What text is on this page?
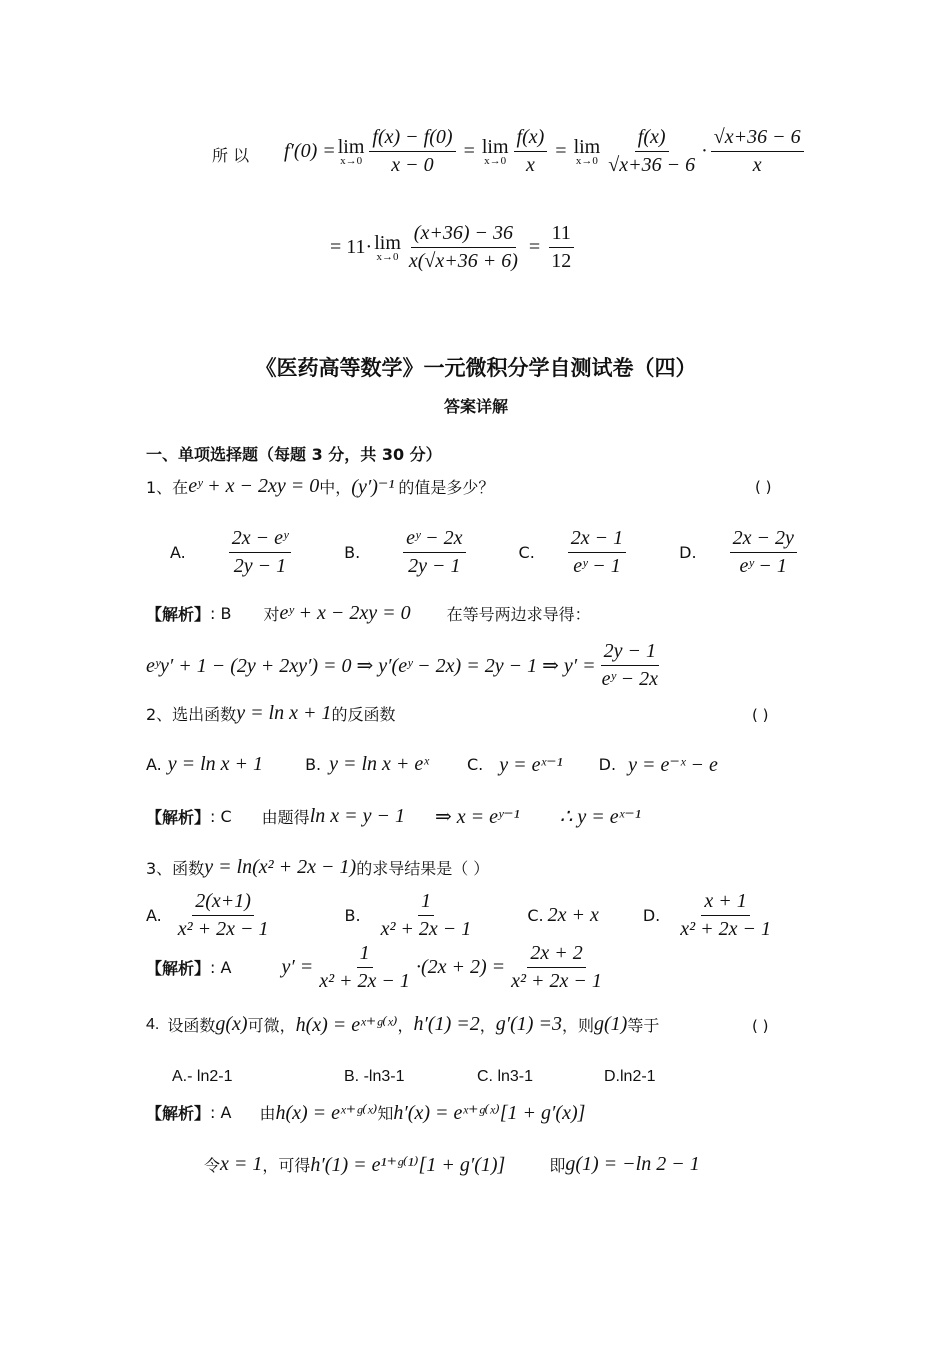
所 以 f′(0) = lim
$x\to 0 \frac{f(x) - f(0)}{x - 0} = \lim$
$x\to 0 \frac{f(x)}{x} = \lim$
$x\to 0 \frac{f(x)}{√x+36 - 6} \cdot \frac{√x+36 - 6}{x}$
= 11· lim
$x\to 0 \frac{(x+36) - 36}{x(√x+36 + 6)} = \frac{11}{12}$
《医药高等数学》一元微积分学自测试卷（四）
答案详解
一、单项选择题（每题 3 分，共 30 分）
1、在 eʸ + x − 2xy = 0 中， (y′)⁻¹ 的值是多少？	( )
A. $\frac{\text{2x − eʸ}}{2y - 1}$	B. $\frac{\text{eʸ − 2x}}{2y - 1}$	C. $\frac{2x - 1}{\text{eʸ − 1}}$	D. $\frac{2x - 2y}{\text{eʸ − 1}}$
【解析】 : B 对 eʸ + x − 2xy = 0 在等号两边求导得：
eʸy′ + 1 − (2y + 2xy′) = 0 ⇒ y′(eʸ − 2x) = 2y − 1 ⇒ $y' = \frac{2y - 1}{\text{eʸ − 2x}}$
2、选出函数 y = ln x + 1 的反函数	( )
A. y = ln x + 1	B. y = ln x + eˣ C. y = eˣ⁻¹ D. y = e⁻ˣ − e
【解析】 : C 由题得 ln x = y − 1 ⇒ x = eʸ⁻¹ ∴ y = eˣ⁻¹
3、函数 y = ln(x² + 2x − 1) 的求导结果是（ ）
A. $\frac{2(x+1)}{\text{x² + 2x − 1}}$	B. $\frac{1}{\text{x² + 2x − 1}}$	C. 2x + x	D. $\frac{x + 1}{\text{x² + 2x − 1}}$
【解析】 : A	$y' = \frac{1}{\text{x² + 2x − 1}} \cdot(2x + 2) = \frac{2x + 2}{\text{x² + 2x − 1}}$
4. 设函数 g(x) 可微， h(x) = eˣ⁺ᵍ⁽ˣ⁾ ， h′(1) =2 ， g′(1) =3 ，则 g(1) 等于	( )
A.- ln2-1	B. -ln3-1	C. ln3-1	D.ln2-1
【解析】 : A 由 h(x) = eˣ⁺ᵍ⁽ˣ⁾ 知 h′(x) = eˣ⁺ᵍ⁽ˣ⁾[1 + g′(x)]
令 x = 1 ，可得 h′(1) = e¹⁺ᵍ⁽¹⁾[1 + g′(1)]	即 g(1) = −ln 2 − 1
